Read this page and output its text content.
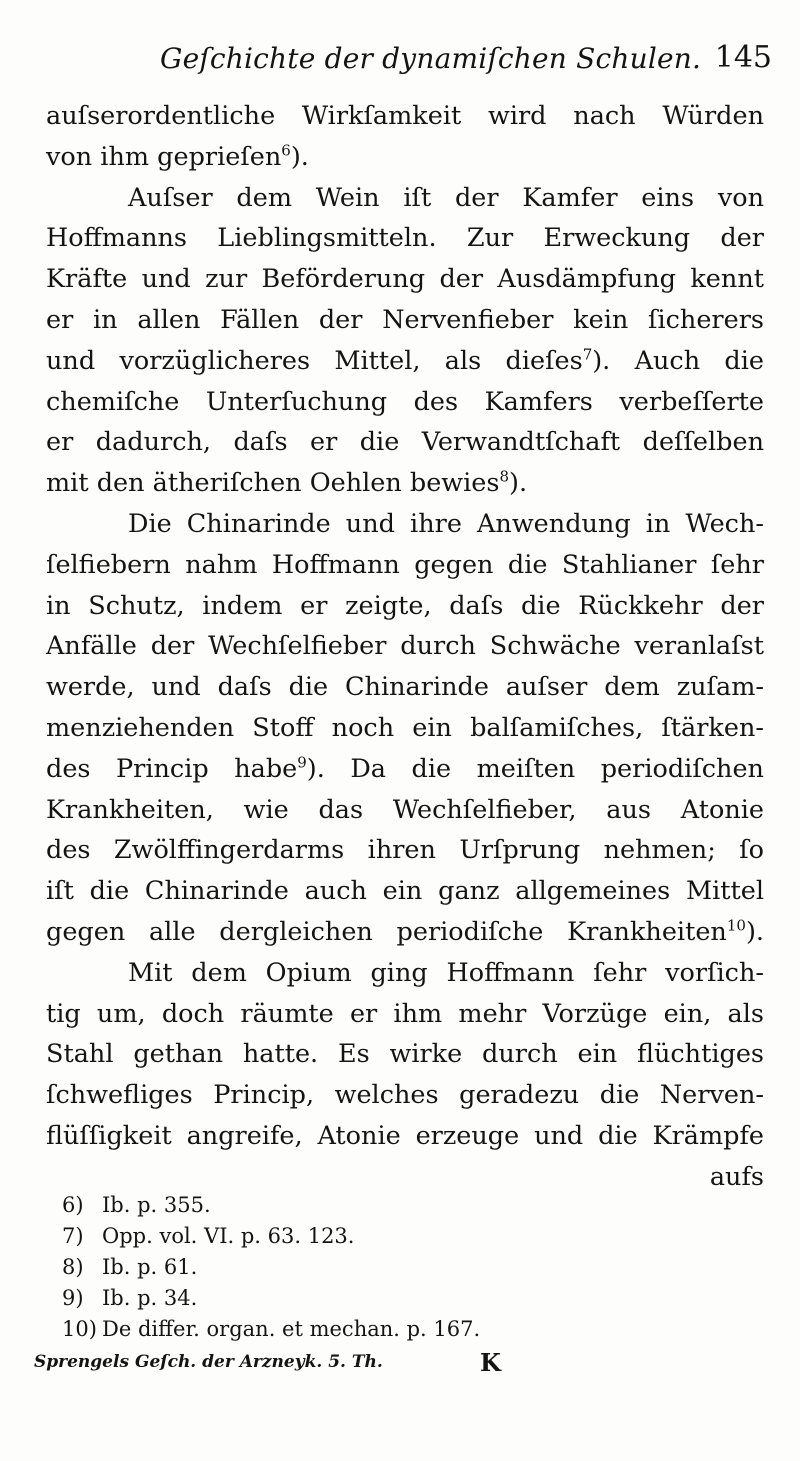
Geſchichte der dynamiſchen Schulen. 145
auſserordentliche Wirkſamkeit wird nach Würden
von ihm geprieſen$^6$).
Auſser dem Wein iſt der Kamfer eins von
Hoffmanns Lieblingsmitteln. Zur Erweckung der
Kräfte und zur Beförderung der Ausdämpfung kennt
er in allen Fällen der Nervenfieber kein ſicherers
und vorzüglicheres Mittel, als dieſes$^7$). Auch die
chemiſche Unterſuchung des Kamfers verbeſſerte
er dadurch, daſs er die Verwandtſchaft deſſelben
mit den ätheriſchen Oehlen bewies$^8$).
Die Chinarinde und ihre Anwendung in Wech-
ſelfiebern nahm Hoffmann gegen die Stahlianer ſehr
in Schutz, indem er zeigte, daſs die Rückkehr der
Anfälle der Wechſelfieber durch Schwäche veranlaſst
werde, und daſs die Chinarinde auſser dem zuſam-
menziehenden Stoff noch ein balſamiſches, ſtärken-
des Princip habe$^9$). Da die meiſten periodiſchen
Krankheiten, wie das Wechſelfieber, aus Atonie
des Zwölffingerdarms ihren Urſprung nehmen; ſo
iſt die Chinarinde auch ein ganz allgemeines Mittel
gegen alle dergleichen periodiſche Krankheiten$^{10}$).
Mit dem Opium ging Hoffmann ſehr vorſich-
tig um, doch räumte er ihm mehr Vorzüge ein, als
Stahl gethan hatte. Es wirke durch ein flüchtiges
ſchwefliges Princip, welches geradezu die Nerven-
flüſſigkeit angreife, Atonie erzeuge und die Krämpfe
aufs
6) Ib. p. 355.
7) Opp. vol. VI. p. 63. 123.
8) Ib. p. 61.
9) Ib. p. 34.
10) De differ. organ. et mechan. p. 167.
Sprengels Geſch. der Arzneyk. 5. Th.	K
